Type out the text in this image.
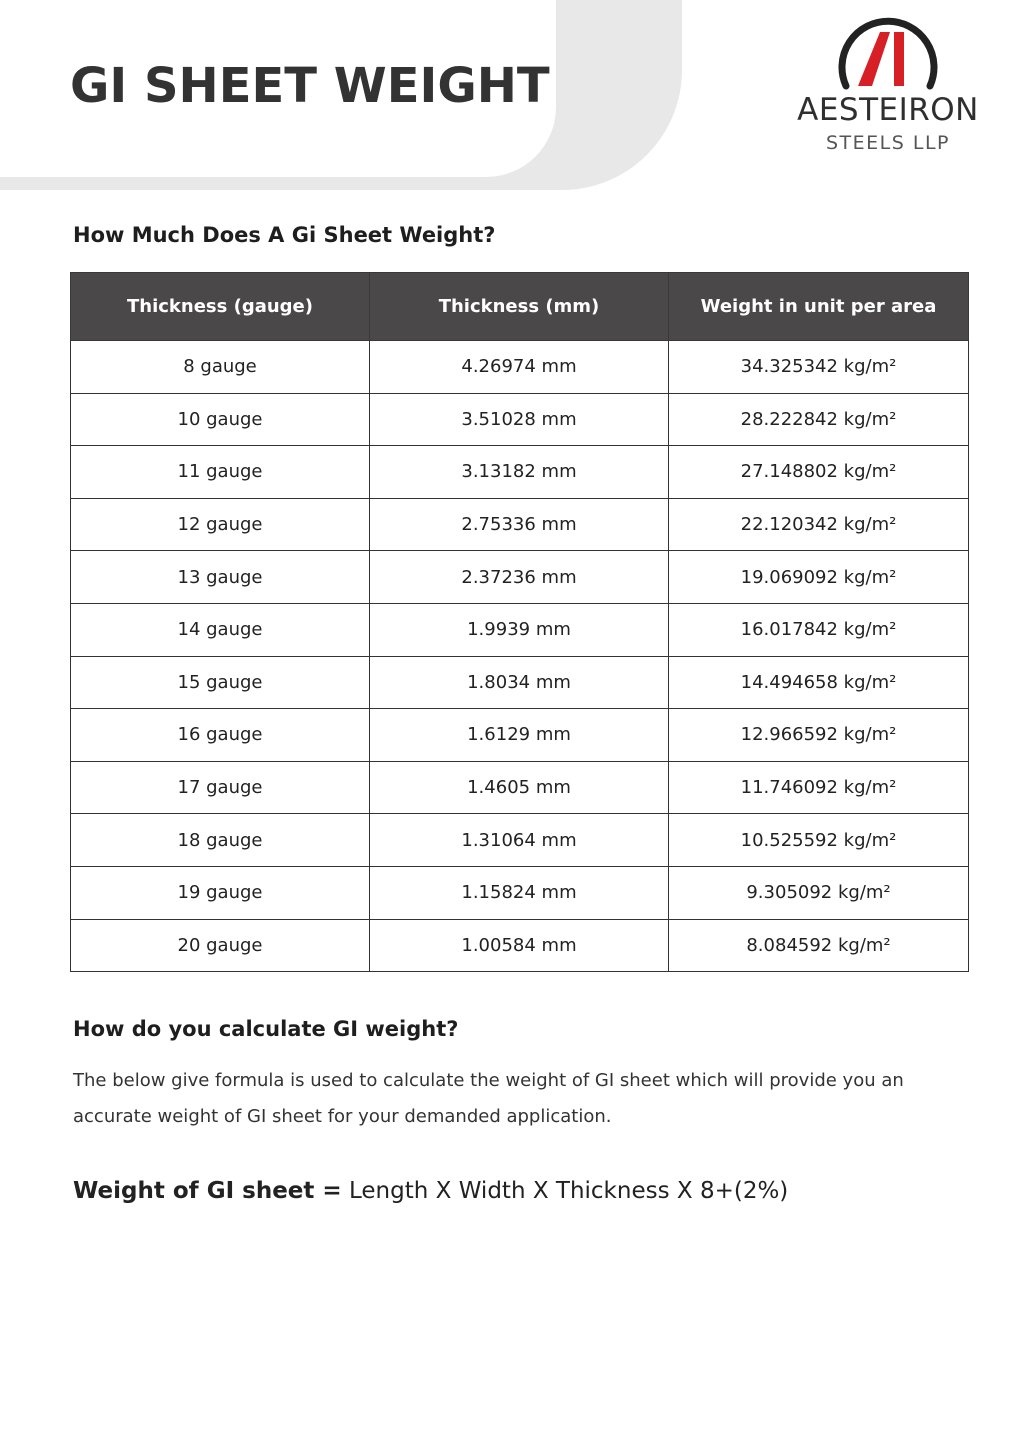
GI SHEET WEIGHT	AESTEIRON
STEELS LLP
How Much Does A Gi Sheet Weight?
Thickness (gauge)	Thickness (mm)	Weight in unit per area
8 gauge	4.26974 mm	34.325342 kg/m²
10 gauge	3.51028 mm	28.222842 kg/m²
11 gauge	3.13182 mm	27.148802 kg/m²
12 gauge	2.75336 mm	22.120342 kg/m²
13 gauge	2.37236 mm	19.069092 kg/m²
14 gauge	1.9939 mm	16.017842 kg/m²
15 gauge	1.8034 mm	14.494658 kg/m²
16 gauge	1.6129 mm	12.966592 kg/m²
17 gauge	1.4605 mm	11.746092 kg/m²
18 gauge	1.31064 mm	10.525592 kg/m²
19 gauge	1.15824 mm	9.305092 kg/m²
20 gauge	1.00584 mm	8.084592 kg/m²
How do you calculate GI weight?
The below give formula is used to calculate the weight of GI sheet which will provide you an accurate weight of GI sheet for your demanded application.
Weight of GI sheet = Length X Width X Thickness X 8+(2%)
